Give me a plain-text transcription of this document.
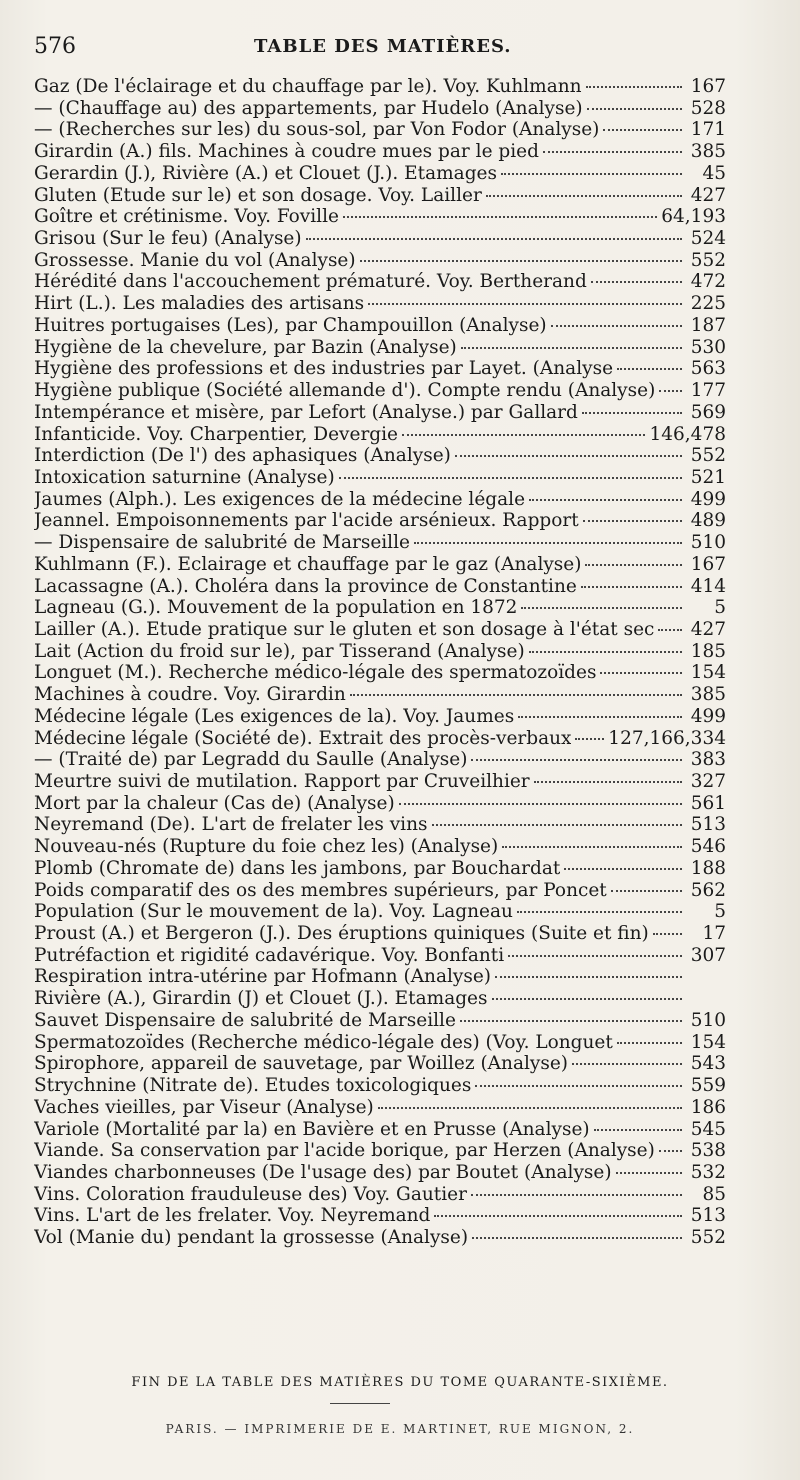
576	TABLE DES MATIÈRES.
Gaz (De l'éclairage et du chauffage par le). Voy. Kuhlmann	167
— (Chauffage au) des appartements, par Hudelo (Analyse)	528
— (Recherches sur les) du sous-sol, par Von Fodor (Analyse)	171
Girardin (A.) fils. Machines à coudre mues par le pied	385
Gerardin (J.), Rivière (A.) et Clouet (J.). Etamages	45
Gluten (Etude sur le) et son dosage. Voy. Lailler	427
Goître et crétinisme. Voy. Foville	64,193
Grisou (Sur le feu) (Analyse)	524
Grossesse. Manie du vol (Analyse)	552
Hérédité dans l'accouchement prématuré. Voy. Bertherand	472
Hirt (L.). Les maladies des artisans	225
Huitres portugaises (Les), par Champouillon (Analyse)	187
Hygiène de la chevelure, par Bazin (Analyse)	530
Hygiène des professions et des industries par Layet. (Analyse	563
Hygiène publique (Société allemande d'). Compte rendu (Analyse) 177
Intempérance et misère, par Lefort (Analyse.) par Gallard	569
Infanticide. Voy. Charpentier, Devergie	146,478
Interdiction (De l') des aphasiques (Analyse)	552
Intoxication saturnine (Analyse)	521
Jaumes (Alph.). Les exigences de la médecine légale	499
Jeannel. Empoisonnements par l'acide arsénieux. Rapport	489
— Dispensaire de salubrité de Marseille	510
Kuhlmann (F.). Eclairage et chauffage par le gaz (Analyse)	167
Lacassagne (A.). Choléra dans la province de Constantine	414
Lagneau (G.). Mouvement de la population en 1872	5
Lailler (A.). Etude pratique sur le gluten et son dosage à l'état sec 427
Lait (Action du froid sur le), par Tisserand (Analyse)	185
Longuet (M.). Recherche médico-légale des spermatozoïdes	154
Machines à coudre. Voy. Girardin	385
Médecine légale (Les exigences de la). Voy. Jaumes	499
Médecine légale (Société de). Extrait des procès-verbaux 127,166,334
— (Traité de) par Legradd du Saulle (Analyse)	383
Meurtre suivi de mutilation. Rapport par Cruveilhier	327
Mort par la chaleur (Cas de) (Analyse)	561
Neyremand (De). L'art de frelater les vins	513
Nouveau-nés (Rupture du foie chez les) (Analyse)	546
Plomb (Chromate de) dans les jambons, par Bouchardat	188
Poids comparatif des os des membres supérieurs, par Poncet	562
Population (Sur le mouvement de la). Voy. Lagneau	5
Proust (A.) et Bergeron (J.). Des éruptions quiniques (Suite et fin)	17
Putréfaction et rigidité cadavérique. Voy. Bonfanti	307
Respiration intra-utérine par Hofmann (Analyse)
Rivière (A.), Girardin (J) et Clouet (J.). Etamages
Sauvet Dispensaire de salubrité de Marseille	510
Spermatozoïdes (Recherche médico-légale des) (Voy. Longuet	154
Spirophore, appareil de sauvetage, par Woillez (Analyse)	543
Strychnine (Nitrate de). Etudes toxicologiques	559
Vaches vieilles, par Viseur (Analyse)	186
Variole (Mortalité par la) en Bavière et en Prusse (Analyse)	545
Viande. Sa conservation par l'acide borique, par Herzen (Analyse) 538
Viandes charbonneuses (De l'usage des) par Boutet (Analyse)	532
Vins. Coloration frauduleuse des) Voy. Gautier	85
Vins. L'art de les frelater. Voy. Neyremand	513
Vol (Manie du) pendant la grossesse (Analyse)	552
FIN DE LA TABLE DES MATIÈRES DU TOME QUARANTE-SIXIÈME.
PARIS. — IMPRIMERIE DE E. MARTINET, RUE MIGNON, 2.
